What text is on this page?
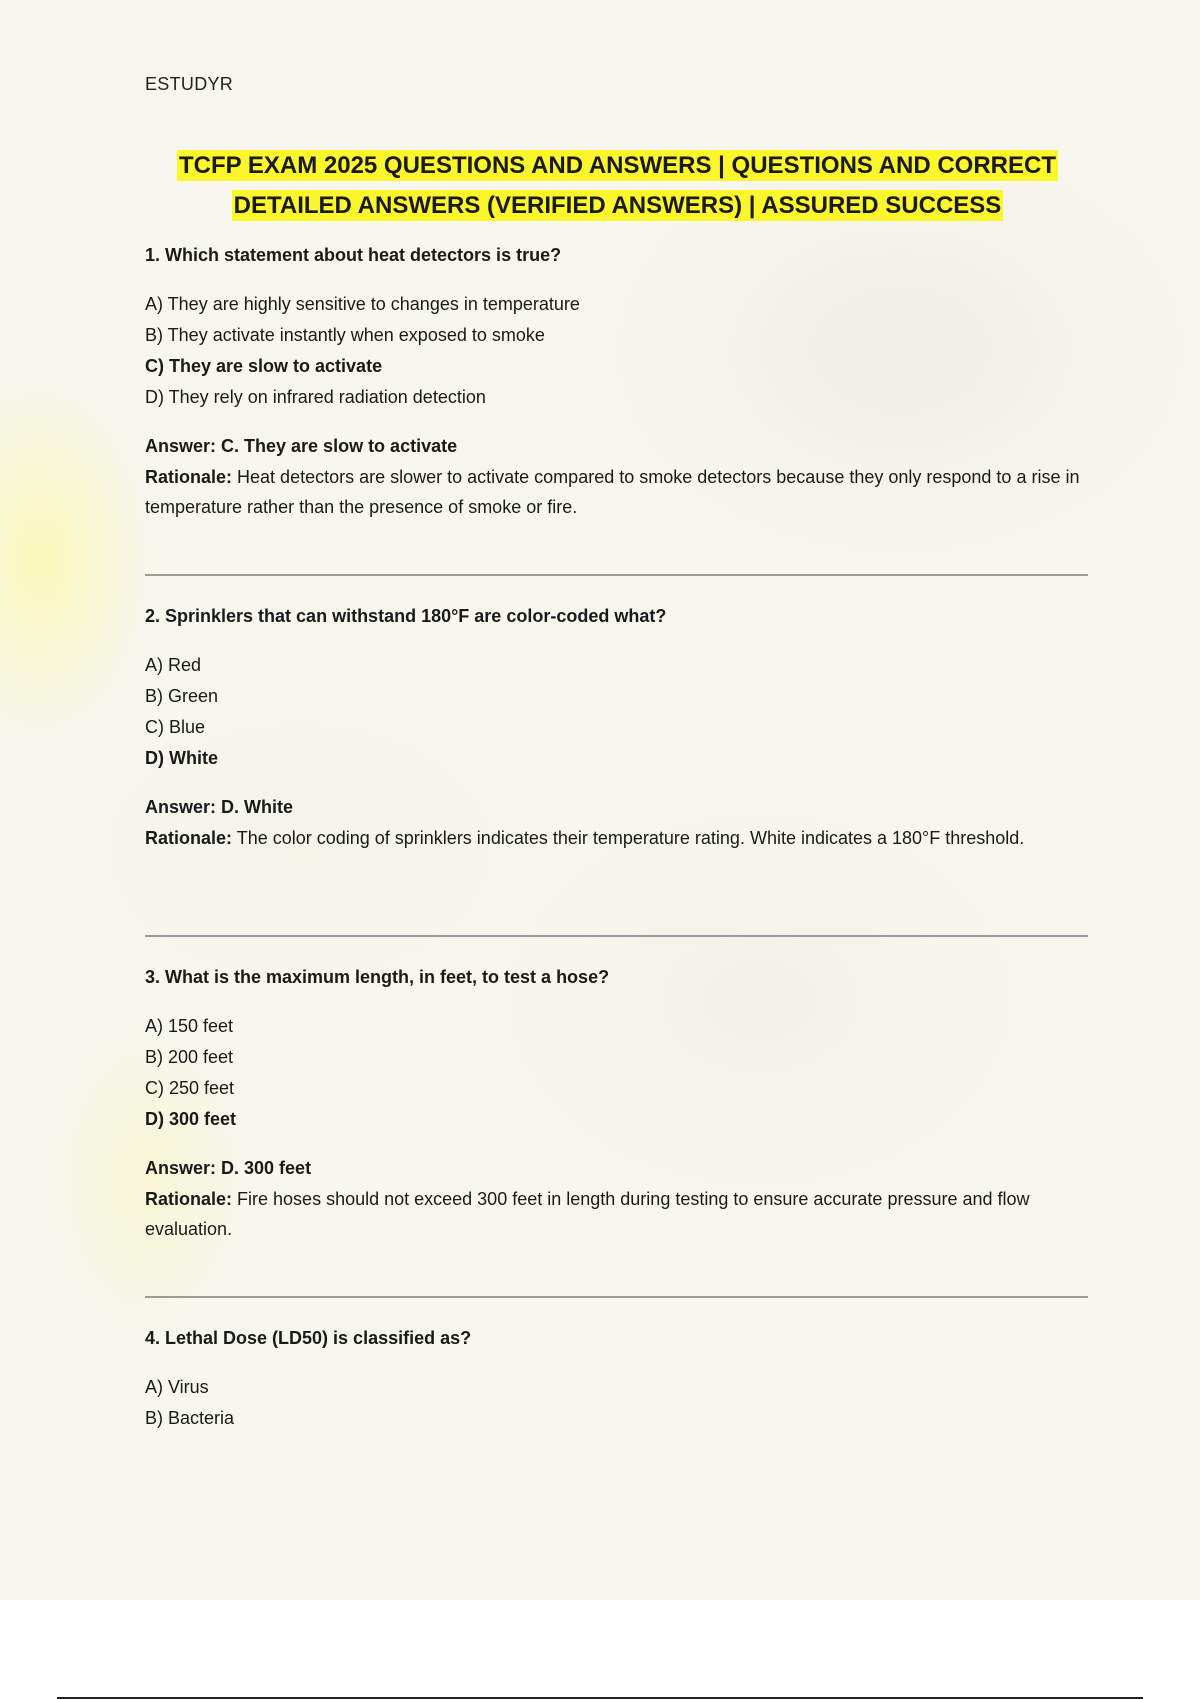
ESTUDYR
TCFP EXAM 2025 QUESTIONS AND ANSWERS | QUESTIONS AND CORRECT
DETAILED ANSWERS (VERIFIED ANSWERS) | ASSURED SUCCESS
1. Which statement about heat detectors is true?
A) They are highly sensitive to changes in temperature
B) They activate instantly when exposed to smoke
C) They are slow to activate
D) They rely on infrared radiation detection
Answer: C. They are slow to activate
Rationale: Heat detectors are slower to activate compared to smoke detectors because they only respond to a rise in temperature rather than the presence of smoke or fire.
2. Sprinklers that can withstand 180°F are color-coded what?
A) Red
B) Green
C) Blue
D) White
Answer: D. White
Rationale: The color coding of sprinklers indicates their temperature rating. White indicates a 180°F threshold.
3. What is the maximum length, in feet, to test a hose?
A) 150 feet
B) 200 feet
C) 250 feet
D) 300 feet
Answer: D. 300 feet
Rationale: Fire hoses should not exceed 300 feet in length during testing to ensure accurate pressure and flow evaluation.
4. Lethal Dose (LD50) is classified as?
A) Virus
B) Bacteria
